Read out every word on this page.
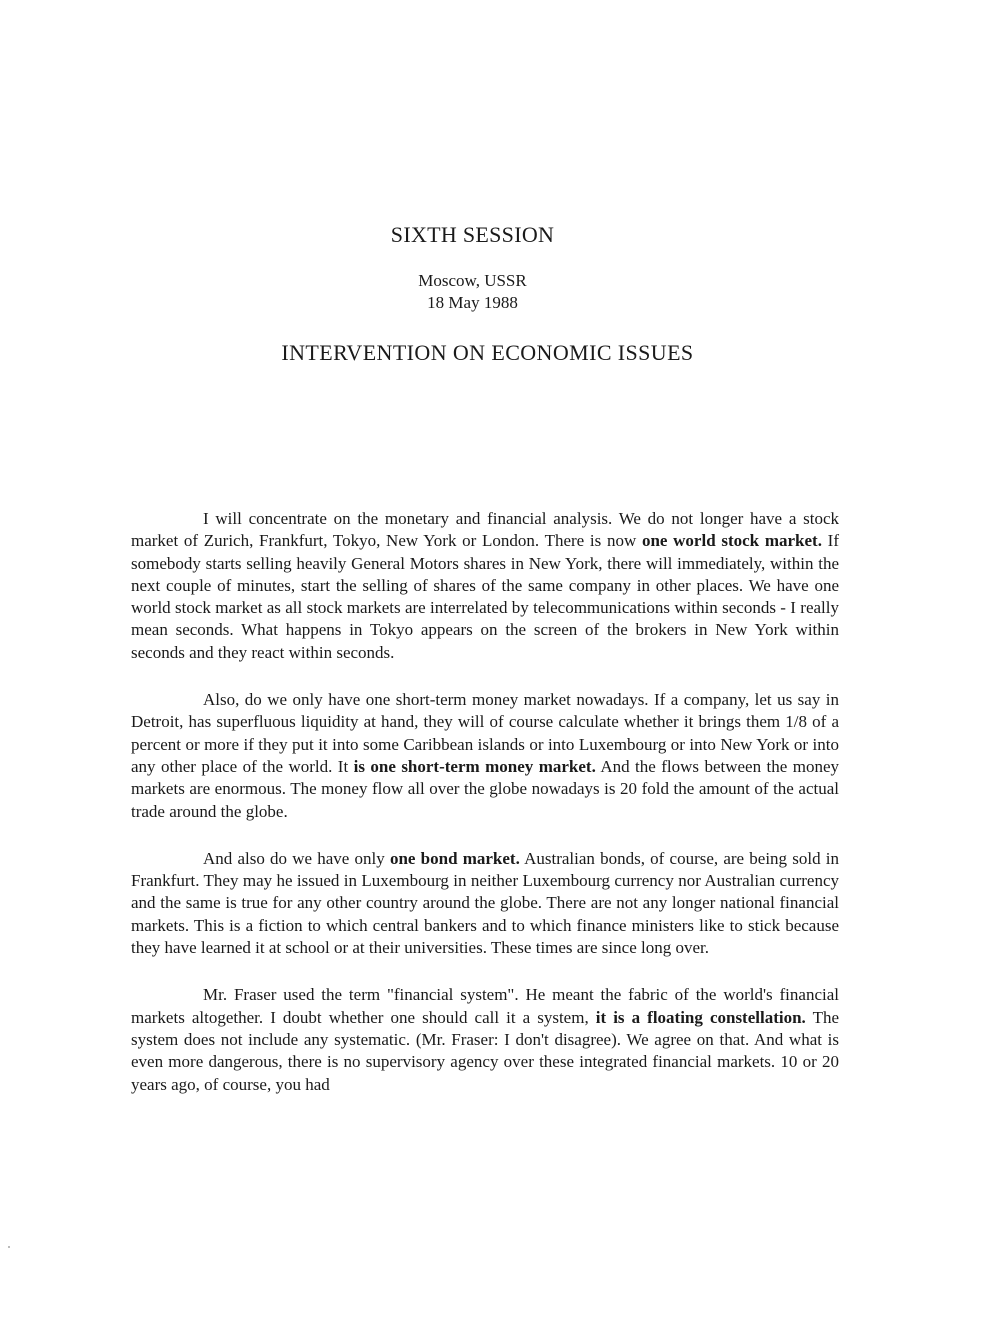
SIXTH SESSION
Moscow, USSR
18 May 1988
INTERVENTION ON ECONOMIC ISSUES

I will concentrate on the monetary and financial analysis. We do not longer have a stock market of Zurich, Frankfurt, Tokyo, New York or London. There is now one world stock market. If somebody starts selling heavily General Motors shares in New York, there will immediately, within the next couple of minutes, start the selling of shares of the same company in other places. We have one world stock market as all stock markets are interrelated by telecommunications within seconds - I really mean seconds. What happens in Tokyo appears on the screen of the brokers in New York within seconds and they react within seconds.

Also, do we only have one short-term money market nowadays. If a company, let us say in Detroit, has superfluous liquidity at hand, they will of course calculate whether it brings them 1/8 of a percent or more if they put it into some Caribbean islands or into Luxembourg or into New York or into any other place of the world. It is one short-term money market. And the flows between the money markets are enormous. The money flow all over the globe nowadays is 20 fold the amount of the actual trade around the globe.

And also do we have only one bond market. Australian bonds, of course, are being sold in Frankfurt. They may he issued in Luxembourg in neither Luxembourg currency nor Australian currency and the same is true for any other country around the globe. There are not any longer national financial markets. This is a fiction to which central bankers and to which finance ministers like to stick because they have learned it at school or at their universities. These times are since long over.

Mr. Fraser used the term "financial system". He meant the fabric of the world's financial markets altogether. I doubt whether one should call it a system, it is a floating constellation. The system does not include any systematic. (Mr. Fraser: I don't disagree). We agree on that. And what is even more dangerous, there is no supervisory agency over these integrated financial markets. 10 or 20 years ago, of course, you had
